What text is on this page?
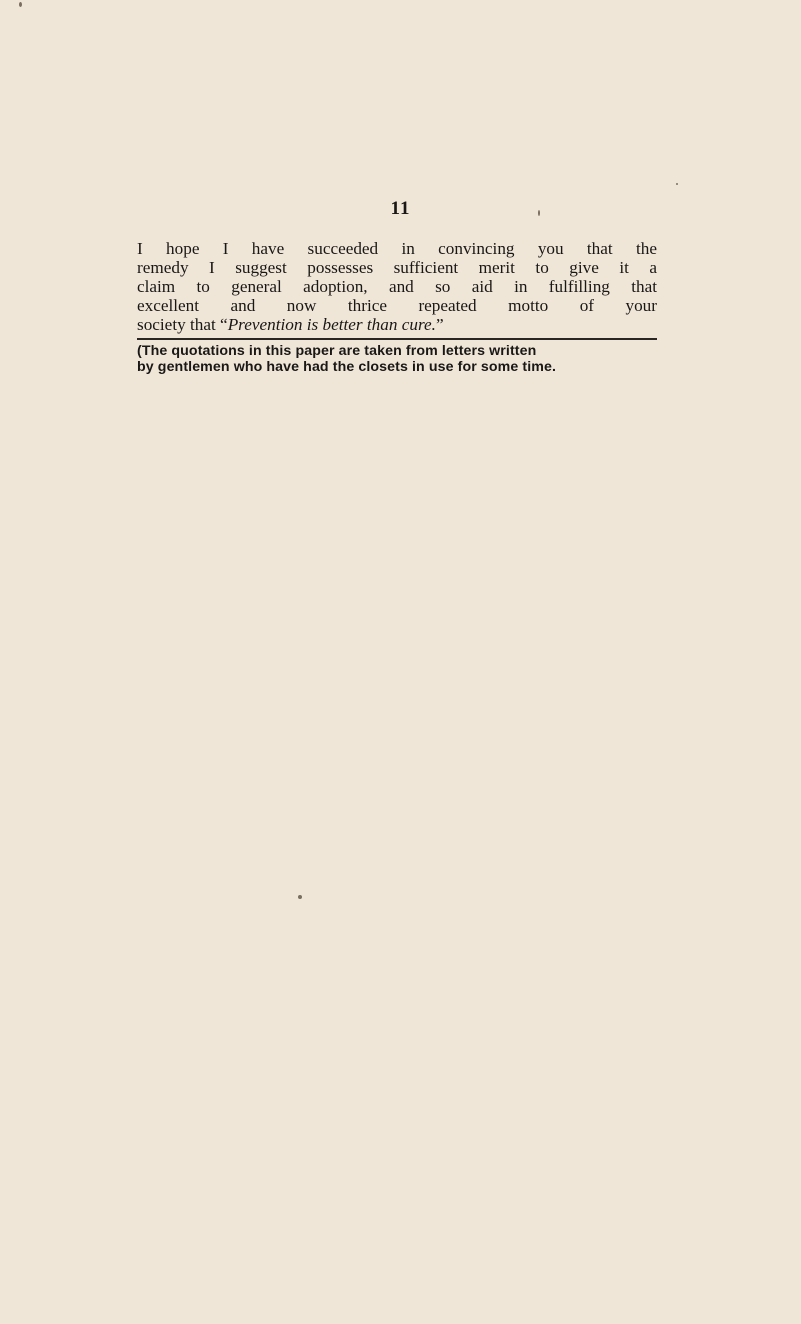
11

I hope I have succeeded in convincing you that the
remedy I suggest possesses sufficient merit to give it a
claim to general adoption, and so aid in fulfilling that
excellent and now thrice repeated motto of your
society that “Prevention is better than cure.”

(The quotations in this paper are taken from letters written
by gentlemen who have had the closets in use for some time.
